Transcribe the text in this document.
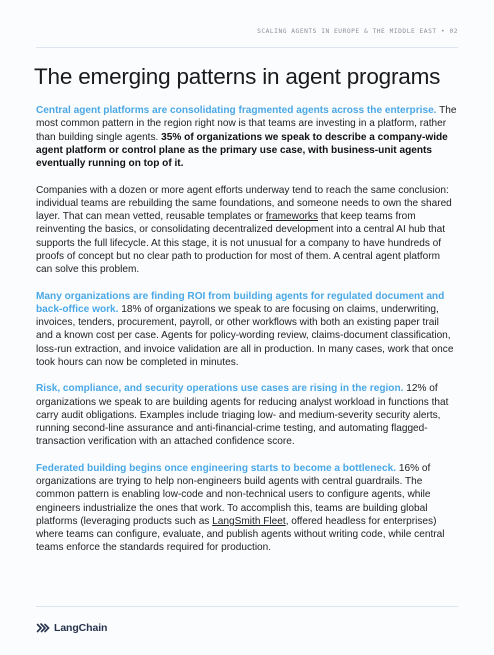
SCALING AGENTS IN EUROPE & THE MIDDLE EAST • 02
The emerging patterns in agent programs

Central agent platforms are consolidating fragmented agents across the enterprise. The most common pattern in the region right now is that teams are investing in a platform, rather than building single agents. 35% of organizations we speak to describe a company-wide agent platform or control plane as the primary use case, with business-unit agents eventually running on top of it.

Companies with a dozen or more agent efforts underway tend to reach the same conclusion: individual teams are rebuilding the same foundations, and someone needs to own the shared layer. That can mean vetted, reusable templates or frameworks that keep teams from reinventing the basics, or consolidating decentralized development into a central AI hub that supports the full lifecycle. At this stage, it is not unusual for a company to have hundreds of proofs of concept but no clear path to production for most of them. A central agent platform can solve this problem.

Many organizations are finding ROI from building agents for regulated document and back-office work. 18% of organizations we speak to are focusing on claims, underwriting, invoices, tenders, procurement, payroll, or other workflows with both an existing paper trail and a known cost per case. Agents for policy-wording review, claims-document classification, loss-run extraction, and invoice validation are all in production. In many cases, work that once took hours can now be completed in minutes.

Risk, compliance, and security operations use cases are rising in the region. 12% of organizations we speak to are building agents for reducing analyst workload in functions that carry audit obligations. Examples include triaging low- and medium-severity security alerts, running second-line assurance and anti-financial-crime testing, and automating flagged-transaction verification with an attached confidence score.

Federated building begins once engineering starts to become a bottleneck. 16% of organizations are trying to help non-engineers build agents with central guardrails. The common pattern is enabling low-code and non-technical users to configure agents, while engineers industrialize the ones that work. To accomplish this, teams are building global platforms (leveraging products such as LangSmith Fleet, offered headless for enterprises) where teams can configure, evaluate, and publish agents without writing code, while central teams enforce the standards required for production.

LangChain
